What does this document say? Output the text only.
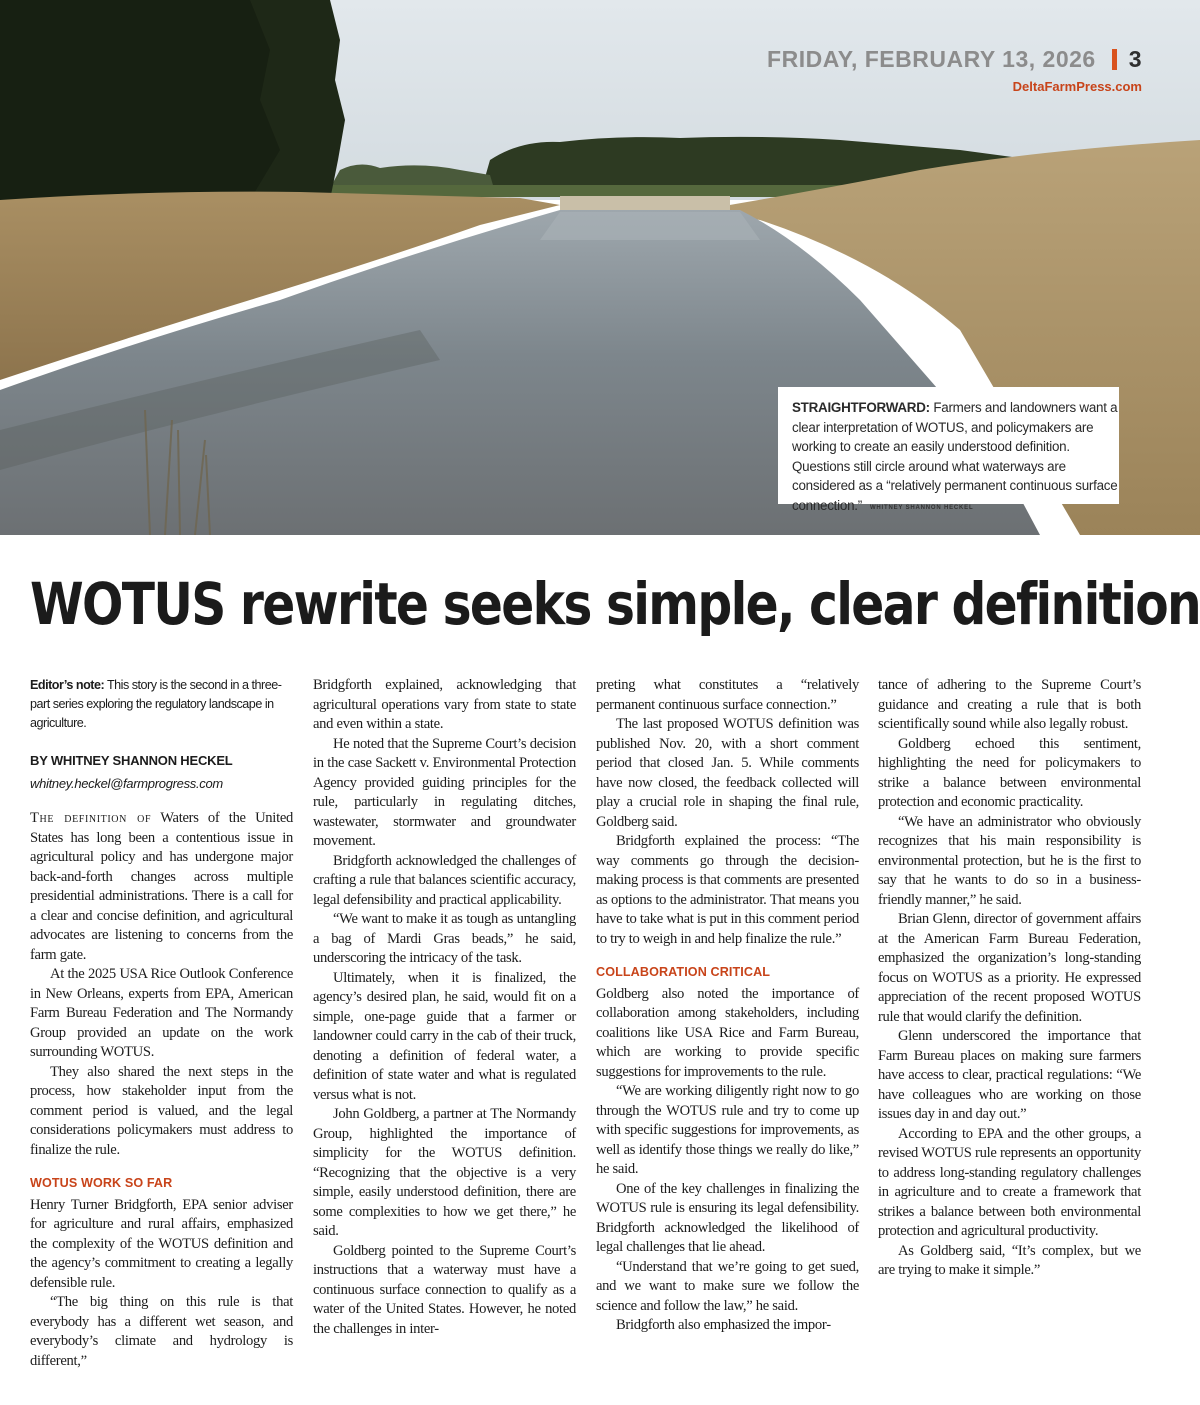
FRIDAY, FEBRUARY 13, 2026 3
DeltaFarmPress.com
STRAIGHTFORWARD: Farmers and landowners want a clear interpretation of WOTUS, and policymakers are working to create an easily understood definition. Questions still circle around what waterways are considered as a “relatively permanent continuous surface connection.” WHITNEY SHANNON HECKEL
WOTUS rewrite seeks simple, clear definition
Editor’s note: This story is the second in a three-part series exploring the regulatory landscape in agriculture.
BY WHITNEY SHANNON HECKEL
whitney.heckel@farmprogress.com

The definition of Waters of the United States has long been a contentious issue in agricultural policy and has undergone major back-and-forth changes across multiple presidential administrations. There is a call for a clear and concise definition, and agricultural advocates are listening to concerns from the farm gate.

At the 2025 USA Rice Outlook Conference in New Orleans, experts from EPA, American Farm Bureau Federation and The Normandy Group provided an update on the work surrounding WOTUS.

They also shared the next steps in the process, how stakeholder input from the comment period is valued, and the legal considerations policymakers must address to finalize the rule.

WOTUS WORK SO FAR

Henry Turner Bridgforth, EPA senior adviser for agriculture and rural affairs, emphasized the complexity of the WOTUS definition and the agency’s commitment to creating a legally defensible rule.

“The big thing on this rule is that everybody has a different wet season, and everybody’s climate and hydrology is different,”

Bridgforth explained, acknowledging that agricultural operations vary from state to state and even within a state.

He noted that the Supreme Court’s decision in the case Sackett v. Environmental Protection Agency provided guiding principles for the rule, particularly in regulating ditches, wastewater, stormwater and groundwater movement.

Bridgforth acknowledged the challenges of crafting a rule that balances scientific accuracy, legal defensibility and practical applicability.

“We want to make it as tough as untangling a bag of Mardi Gras beads,” he said, underscoring the intricacy of the task.

Ultimately, when it is finalized, the agency’s desired plan, he said, would fit on a simple, one-page guide that a farmer or landowner could carry in the cab of their truck, denoting a definition of federal water, a definition of state water and what is regulated versus what is not.

John Goldberg, a partner at The Normandy Group, highlighted the importance of simplicity for the WOTUS definition. “Recognizing that the objective is a very simple, easily understood definition, there are some complexities to how we get there,” he said.

Goldberg pointed to the Supreme Court’s instructions that a waterway must have a continuous surface connection to qualify as a water of the United States. However, he noted the challenges in inter-

preting what constitutes a “relatively permanent continuous surface connection.”

The last proposed WOTUS definition was published Nov. 20, with a short comment period that closed Jan. 5. While comments have now closed, the feedback collected will play a crucial role in shaping the final rule, Goldberg said.

Bridgforth explained the process: “The way comments go through the decision-making process is that comments are presented as options to the administrator. That means you have to take what is put in this comment period to try to weigh in and help finalize the rule.”

COLLABORATION CRITICAL

Goldberg also noted the importance of collaboration among stakeholders, including coalitions like USA Rice and Farm Bureau, which are working to provide specific suggestions for improvements to the rule.

“We are working diligently right now to go through the WOTUS rule and try to come up with specific suggestions for improvements, as well as identify those things we really do like,” he said.

One of the key challenges in finalizing the WOTUS rule is ensuring its legal defensibility. Bridgforth acknowledged the likelihood of legal challenges that lie ahead.

“Understand that we’re going to get sued, and we want to make sure we follow the science and follow the law,” he said.

Bridgforth also emphasized the impor-

tance of adhering to the Supreme Court’s guidance and creating a rule that is both scientifically sound while also legally robust.

Goldberg echoed this sentiment, highlighting the need for policymakers to strike a balance between environmental protection and economic practicality.

“We have an administrator who obviously recognizes that his main responsibility is environmental protection, but he is the first to say that he wants to do so in a business-friendly manner,” he said.

Brian Glenn, director of government affairs at the American Farm Bureau Federation, emphasized the organization’s long-standing focus on WOTUS as a priority. He expressed appreciation of the recent proposed WOTUS rule that would clarify the definition.

Glenn underscored the importance that Farm Bureau places on making sure farmers have access to clear, practical regulations: “We have colleagues who are working on those issues day in and day out.”

According to EPA and the other groups, a revised WOTUS rule represents an opportunity to address long-standing regulatory challenges in agriculture and to create a framework that strikes a balance between both environmental protection and agricultural productivity.

As Goldberg said, “It’s complex, but we are trying to make it simple.”
